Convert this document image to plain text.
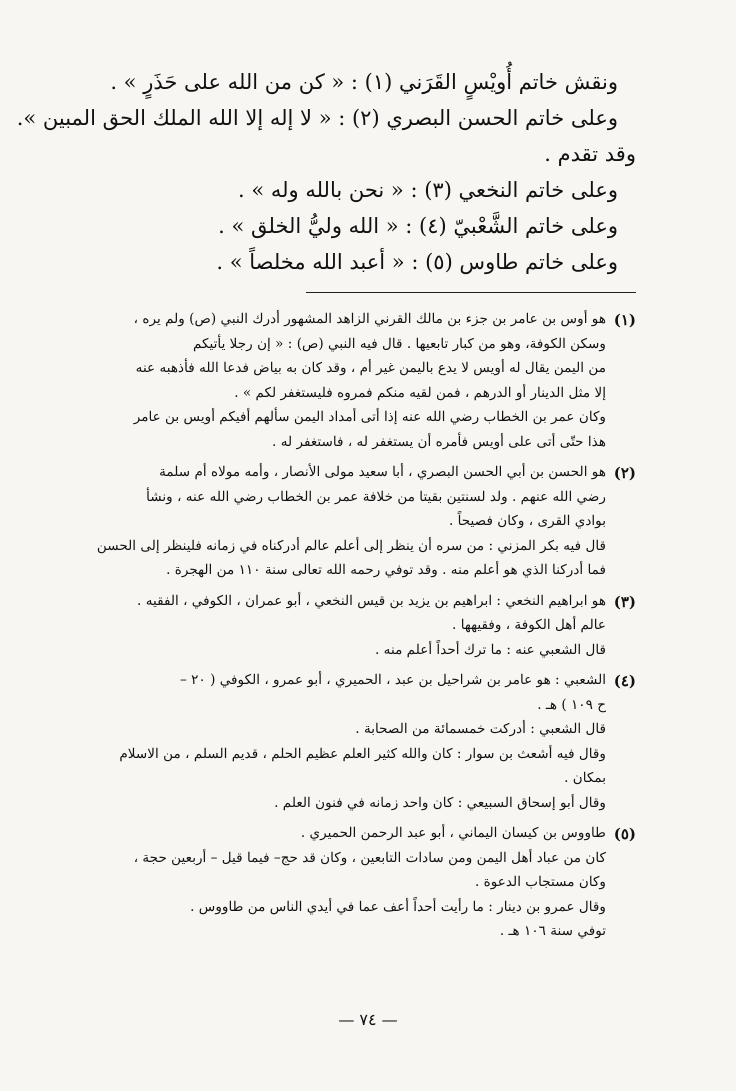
ونقش خاتم أُويْسٍ القَرَني (١) : « كن من الله على حَذَرٍ » .
وعلى خاتم الحسن البصري (٢) : « لا إله إلا الله الملك الحق المبين ».
وقد تقدم .
وعلى خاتم النخعي (٣) : « نحن بالله وله » .
وعلى خاتم الشَّعْبيّ (٤) : « الله وليُّ الخلق » .
وعلى خاتم طاوس (٥) : « أعبد الله مخلصاً » .
(١)
هو أوس بن عامر بن جزء بن مالك القرني الزاهد المشهور أدرك النبي (ص) ولم يره ،
وسكن الكوفة، وهو من كبار تابعيها . قال فيه النبي (ص) : « إن رجلا يأتيكم
من اليمن يقال له أويس لا يدع باليمن غير أم ، وقد كان به بياض فدعا الله فأذهبه عنه
إلا مثل الدينار أو الدرهم ، فمن لقيه منكم فمروه فليستغفر لكم » .
وكان عمر بن الخطاب رضي الله عنه إذا أتى أمداد اليمن سألهم أفيكم أويس بن عامر
هذا حتّى أتى على أويس فأمره أن يستغفر له ، فاستغفر له .
(٢)
هو الحسن بن أبي الحسن البصري ، أبا سعيد مولى الأنصار ، وأمه مولاه أم سلمة
رضي الله عنهم . ولد لسنتين بقيتا من خلافة عمر بن الخطاب رضي الله عنه ، ونشأ
بوادي القرى ، وكان فصيحاً .
قال فيه بكر المزني : من سره أن ينظر إلى أعلم عالم أدركناه في زمانه فلينظر إلى الحسن
فما أدركنا الذي هو أعلم منه . وقد توفي رحمه الله تعالى سنة ١١٠ من الهجرة .
(٣)
هو ابراهيم النخعي : ابراهيم بن يزيد بن قيس النخعي ، أبو عمران ، الكوفي ، الفقيه .
عالم أهل الكوفة ، وفقيهها .
قال الشعبي عنه : ما ترك أحداً أعلم منه .
(٤)
الشعبي : هو عامر بن شراحيل بن عبد ، الحميري ، أبو عمرو ، الكوفي ( ٢٠ –
ح ١٠٩ ) هـ .
قال الشعبي : أدركت خمسمائة من الصحابة .
وقال فيه أشعث بن سوار : كان والله كثير العلم عظيم الحلم ، قديم السلم ، من الاسلام
بمكان .
وقال أبو إسحاق السبيعي : كان واحد زمانه في فنون العلم .
(٥)
طاووس بن كيسان اليماني ، أبو عبد الرحمن الحميري .
كان من عباد أهل اليمن ومن سادات التابعين ، وكان قد حج– فيما قيل – أربعين حجة ،
وكان مستجاب الدعوة .
وقال عمرو بن دينار : ما رأيت أحداً أعف عما في أيدي الناس من طاووس .
توفي سنة ١٠٦ هـ .
— ٧٤ —
